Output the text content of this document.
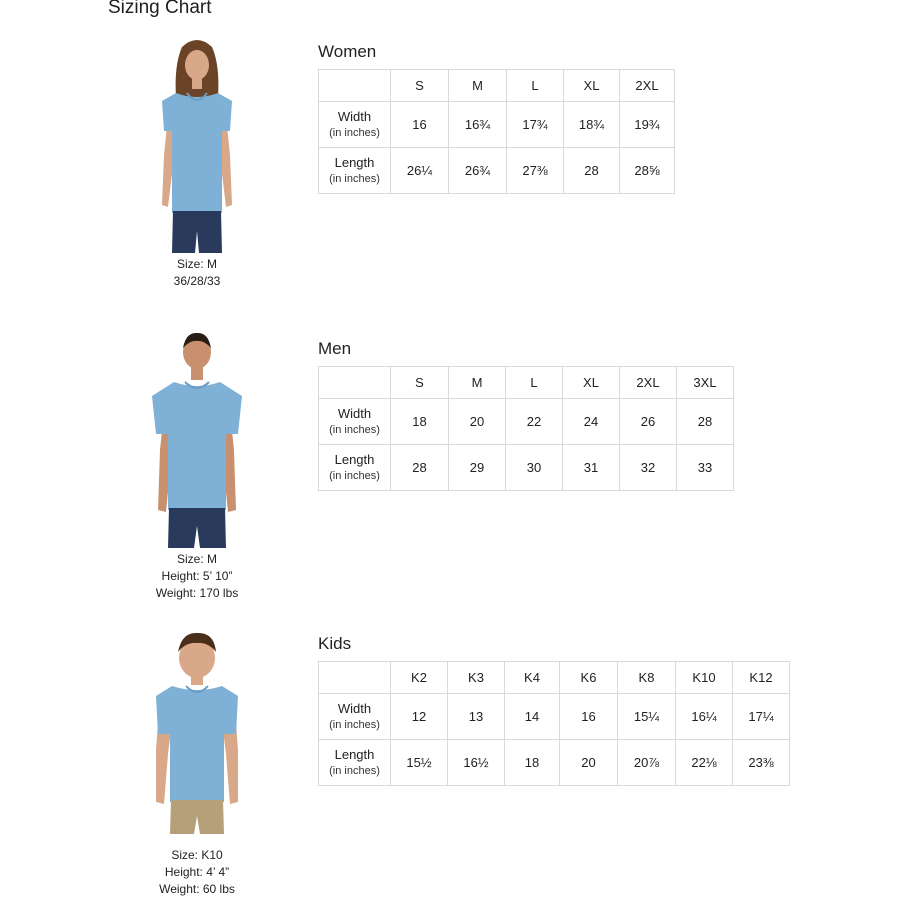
Sizing Chart
Size: M
36/28/33
Women
	S	M	L	XL	2XL

Width
(in inches)	16	16¾	17¾	18¾	19¾

Length
(in inches)	26¼	26¾	27⅜	28	28⅝
Size: M
Height: 5’ 10”
Weight: 170 lbs
Men
	S	M	L	XL	2XL	3XL

Width
(in inches)	18	20	22	24	26	28

Length
(in inches)	28	29	30	31	32	33
Size: K10
Height: 4’ 4”
Weight: 60 lbs
Kids
	K2	K3	K4	K6	K8	K10	K12

Width
(in inches)	12	13	14	16	15¼	16¼	17¼

Length
(in inches)	15½	16½	18	20	20⅞	22⅛	23⅜
